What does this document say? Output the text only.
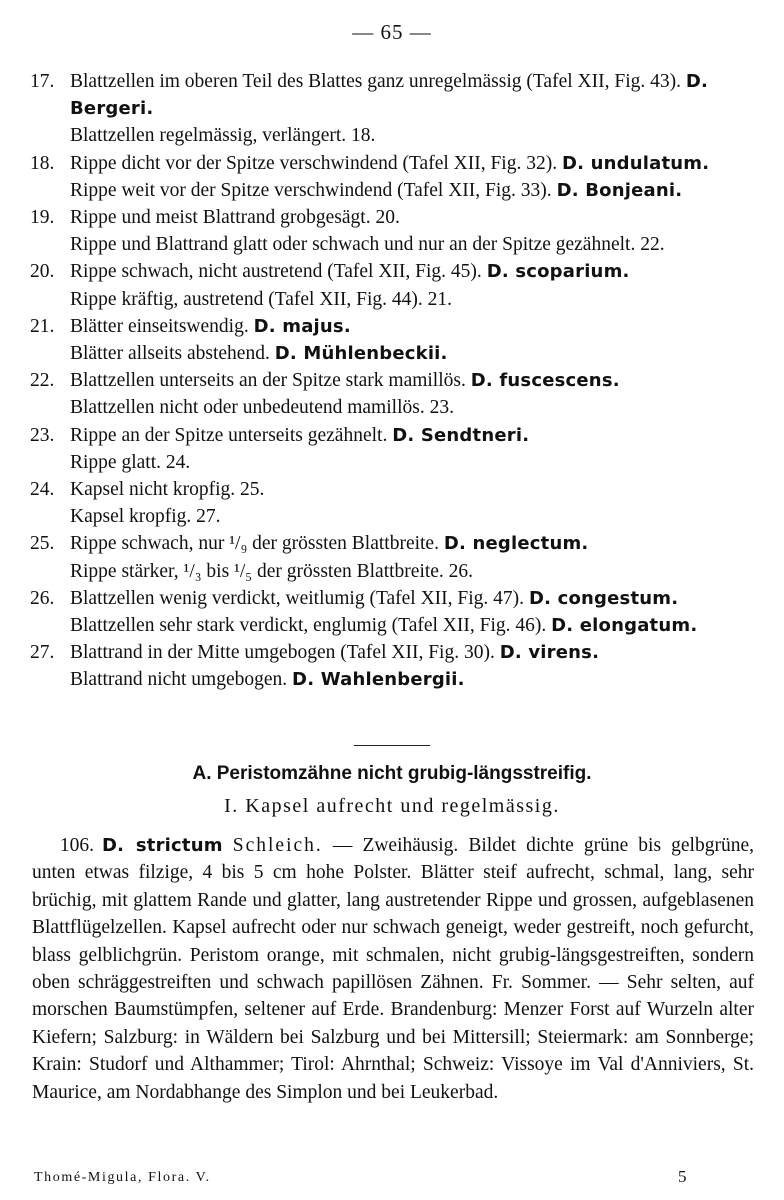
— 65 —
17. Blattzellen im oberen Teil des Blattes ganz unregelmässig (Tafel XII, Fig. 43). D. Bergeri.

Blattzellen regelmässig, verlängert. 18.

18. Rippe dicht vor der Spitze verschwindend (Tafel XII, Fig. 32). D. undulatum.

Rippe weit vor der Spitze verschwindend (Tafel XII, Fig. 33). D. Bonjeani.

19. Rippe und meist Blattrand grobgesägt. 20.

Rippe und Blattrand glatt oder schwach und nur an der Spitze gezähnelt. 22.

20. Rippe schwach, nicht austretend (Tafel XII, Fig. 45). D. scoparium.

Rippe kräftig, austretend (Tafel XII, Fig. 44). 21.

21. Blätter einseitswendig. D. majus.

Blätter allseits abstehend. D. Mühlenbeckii.

22. Blattzellen unterseits an der Spitze stark mamillös. D. fuscescens.

Blattzellen nicht oder unbedeutend mamillös. 23.

23. Rippe an der Spitze unterseits gezähnelt. D. Sendtneri.

Rippe glatt. 24.

24. Kapsel nicht kropfig. 25.

Kapsel kropfig. 27.

25. Rippe schwach, nur ¹/₉ der grössten Blattbreite. D. neglectum.

Rippe stärker, ¹/₃ bis ¹/₅ der grössten Blattbreite. 26.

26. Blattzellen wenig verdickt, weitlumig (Tafel XII, Fig. 47). D. congestum.

Blattzellen sehr stark verdickt, englumig (Tafel XII, Fig. 46). D. elongatum.

27. Blattrand in der Mitte umgebogen (Tafel XII, Fig. 30). D. virens.

Blattrand nicht umgebogen. D. Wahlenbergii.

A. Peristomzähne nicht grubig-längsstreifig.
I. Kapsel aufrecht und regelmässig.

106. D. strictum Schleich. — Zweihäusig. Bildet dichte grüne bis gelbgrüne, unten etwas filzige, 4 bis 5 cm hohe Polster. Blätter steif aufrecht, schmal, lang, sehr brüchig, mit glattem Rande und glatter, lang austretender Rippe und grossen, aufgeblasenen Blattflügelzellen. Kapsel aufrecht oder nur schwach geneigt, weder gestreift, noch gefurcht, blass gelblichgrün. Peristom orange, mit schmalen, nicht grubig-längsgestreiften, sondern oben schräggestreiften und schwach papillösen Zähnen. Fr. Sommer. — Sehr selten, auf morschen Baumstümpfen, seltener auf Erde. Brandenburg: Menzer Forst auf Wurzeln alter Kiefern; Salzburg: in Wäldern bei Salzburg und bei Mittersill; Steiermark: am Sonnberge; Krain: Studorf und Althammer; Tirol: Ahrnthal; Schweiz: Vissoye im Val d'Anniviers, St. Maurice, am Nordabhange des Simplon und bei Leukerbad.

Thomé-Migula, Flora. V.	5
